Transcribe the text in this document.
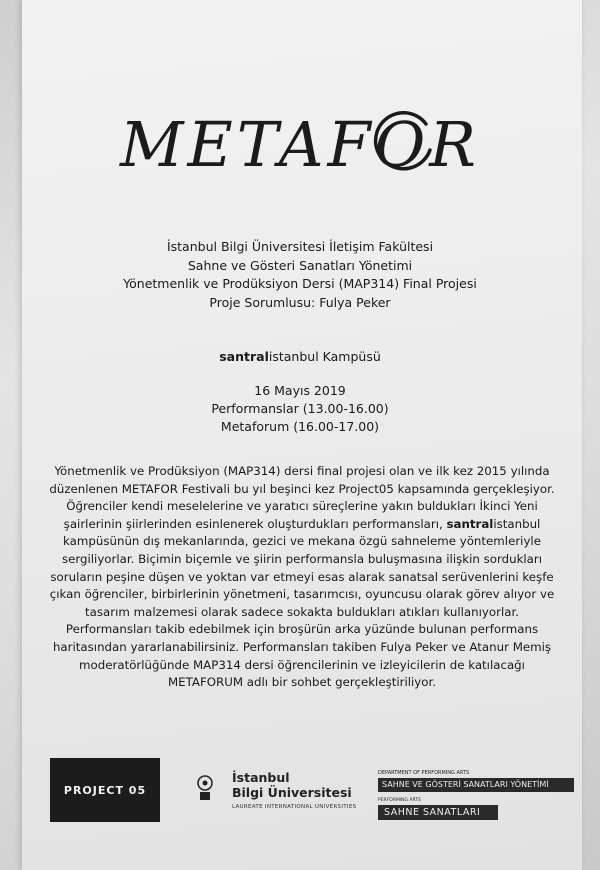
METAFOR
İstanbul Bilgi Üniversitesi İletişim Fakültesi
Sahne ve Gösteri Sanatları Yönetimi
Yönetmenlik ve Prodüksiyon Dersi (MAP314) Final Projesi
Proje Sorumlusu: Fulya Peker
santralistanbul Kampüsü
16 Mayıs 2019
Performanslar (13.00-16.00)
Metaforum (16.00-17.00)
Yönetmenlik ve Prodüksiyon (MAP314) dersi final projesi olan ve ilk kez 2015 yılında düzenlenen METAFOR Festivali bu yıl beşinci kez Project05 kapsamında gerçekleşiyor. Öğrenciler kendi meselelerine ve yaratıcı süreçlerine yakın buldukları İkinci Yeni şairlerinin şiirlerinden esinlenerek oluşturdukları performansları, santralistanbul kampüsünün dış mekanlarında, gezici ve mekana özgü sahneleme yöntemleriyle sergiliyorlar. Biçimin biçemle ve şiirin performansla buluşmasına ilişkin sordukları soruların peşine düşen ve yoktan var etmeyi esas alarak sanatsal serüvenlerini keşfe çıkan öğrenciler, birbirlerinin yönetmeni, tasarımcısı, oyuncusu olarak görev alıyor ve tasarım malzemesi olarak sadece sokakta buldukları atıkları kullanıyorlar. Performansları takib edebilmek için broşürün arka yüzünde bulunan performans haritasından yararlanabilirsiniz. Performansları takiben Fulya Peker ve Atanur Memiş moderatörlüğünde MAP314 dersi öğrencilerinin ve izleyicilerin de katılacağı METAFORUM adlı bir sohbet gerçekleştiriliyor.
PROJECT 05
İstanbul
Bilgi Üniversitesi
LAUREATE INTERNATIONAL UNIVERSITIES
DEPARTMENT OF PERFORMING ARTS
SAHNE VE GÖSTERİ SANATLARI YÖNETİMİ
PERFORMING ARTS
SAHNE SANATLARI
